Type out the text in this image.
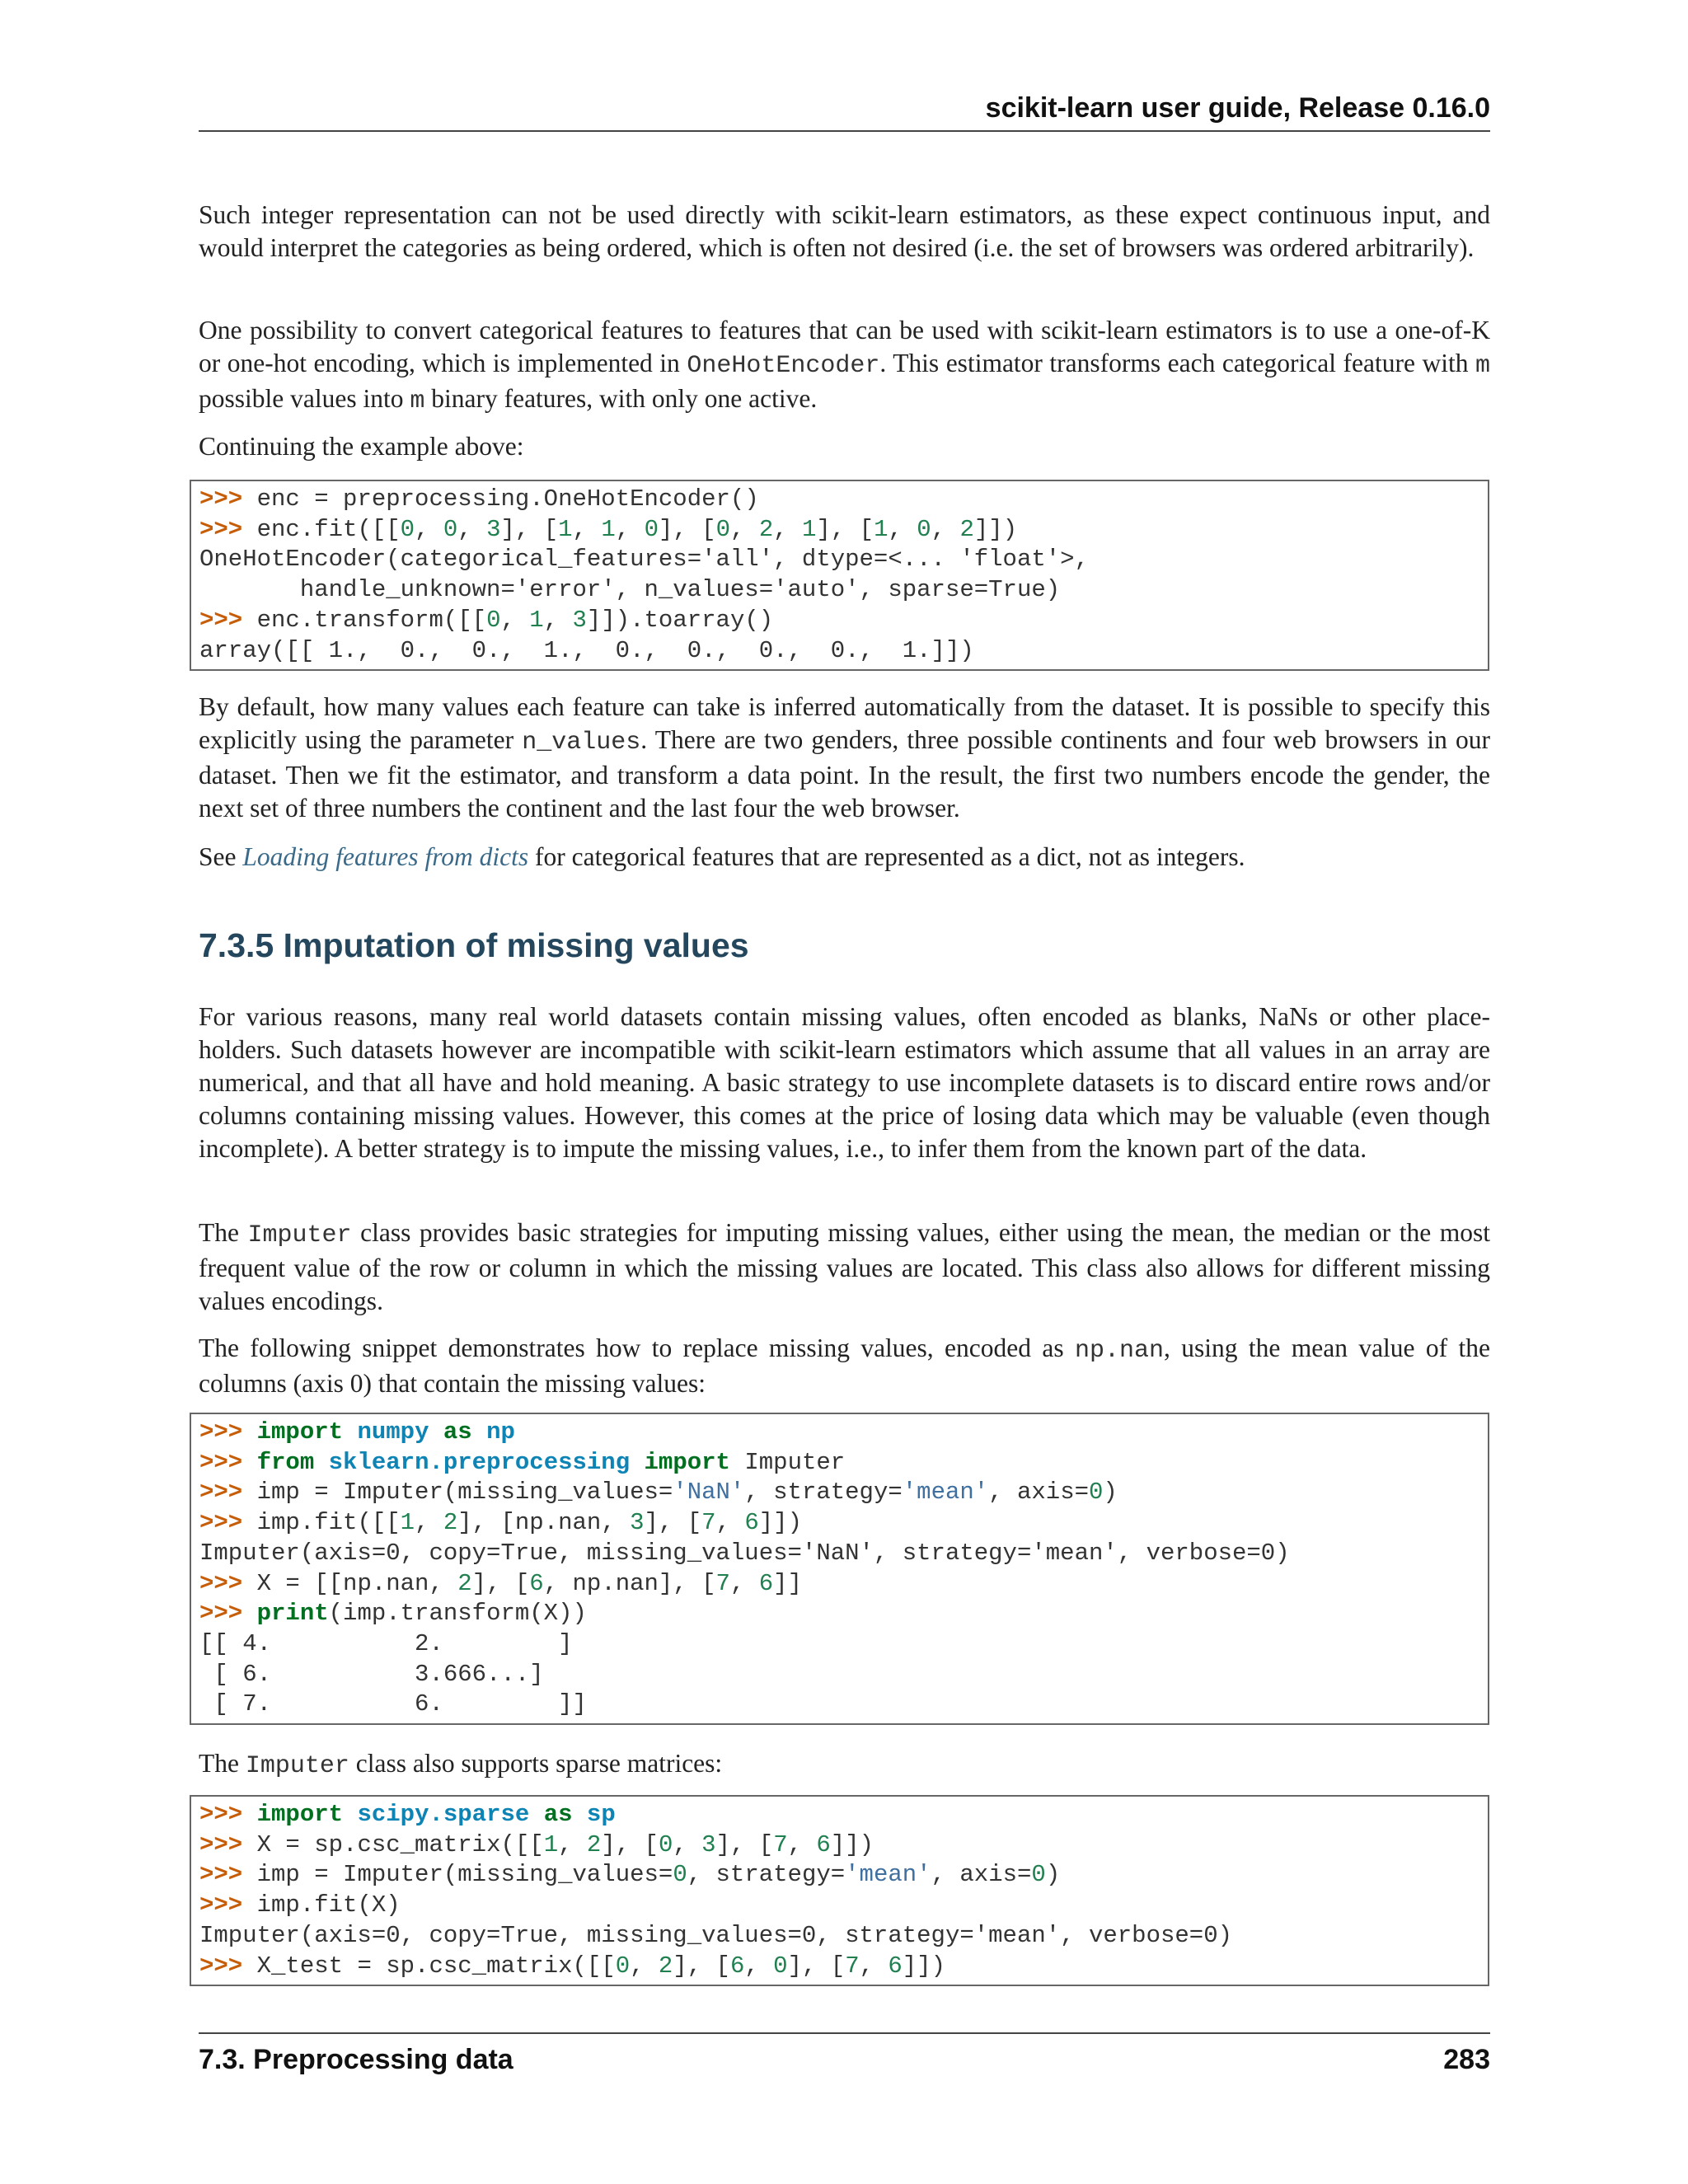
scikit-learn user guide, Release 0.16.0

Such integer representation can not be used directly with scikit-learn estimators, as these expect continuous input, and would interpret the categories as being ordered, which is often not desired (i.e. the set of browsers was ordered arbitrarily).

One possibility to convert categorical features to features that can be used with scikit-learn estimators is to use a one-of-K or one-hot encoding, which is implemented in OneHotEncoder. This estimator transforms each categorical feature with m possible values into m binary features, with only one active.

Continuing the example above:

>>> enc = preprocessing.OneHotEncoder()
>>> enc.fit([[0, 0, 3], [1, 1, 0], [0, 2, 1], [1, 0, 2]])
OneHotEncoder(categorical_features='all', dtype=<... 'float'>,
handle_unknown='error', n_values='auto', sparse=True)
>>> enc.transform([[0, 1, 3]]).toarray()
array([[ 1.,  0.,  0.,  1.,  0.,  0.,  0.,  0.,  1.]])

By default, how many values each feature can take is inferred automatically from the dataset. It is possible to specify this explicitly using the parameter n_values. There are two genders, three possible continents and four web browsers in our dataset. Then we fit the estimator, and transform a data point. In the result, the first two numbers encode the gender, the next set of three numbers the continent and the last four the web browser.

See Loading features from dicts for categorical features that are represented as a dict, not as integers.

7.3.5 Imputation of missing values

For various reasons, many real world datasets contain missing values, often encoded as blanks, NaNs or other place-holders. Such datasets however are incompatible with scikit-learn estimators which assume that all values in an array are numerical, and that all have and hold meaning. A basic strategy to use incomplete datasets is to discard entire rows and/or columns containing missing values. However, this comes at the price of losing data which may be valuable (even though incomplete). A better strategy is to impute the missing values, i.e., to infer them from the known part of the data.

The Imputer class provides basic strategies for imputing missing values, either using the mean, the median or the most frequent value of the row or column in which the missing values are located. This class also allows for different missing values encodings.

The following snippet demonstrates how to replace missing values, encoded as np.nan, using the mean value of the columns (axis 0) that contain the missing values:

>>> import numpy as np
>>> from sklearn.preprocessing import Imputer
>>> imp = Imputer(missing_values='NaN', strategy='mean', axis=0)
>>> imp.fit([[1, 2], [np.nan, 3], [7, 6]])
Imputer(axis=0, copy=True, missing_values='NaN', strategy='mean', verbose=0)
>>> X = [[np.nan, 2], [6, np.nan], [7, 6]]
>>> print(imp.transform(X))
[[ 4.          2.        ]
[ 6.          3.666...]
[ 7.          6.        ]]

The Imputer class also supports sparse matrices:

>>> import scipy.sparse as sp
>>> X = sp.csc_matrix([[1, 2], [0, 3], [7, 6]])
>>> imp = Imputer(missing_values=0, strategy='mean', axis=0)
>>> imp.fit(X)
Imputer(axis=0, copy=True, missing_values=0, strategy='mean', verbose=0)
>>> X_test = sp.csc_matrix([[0, 2], [6, 0], [7, 6]])
7.3. Preprocessing data	283
